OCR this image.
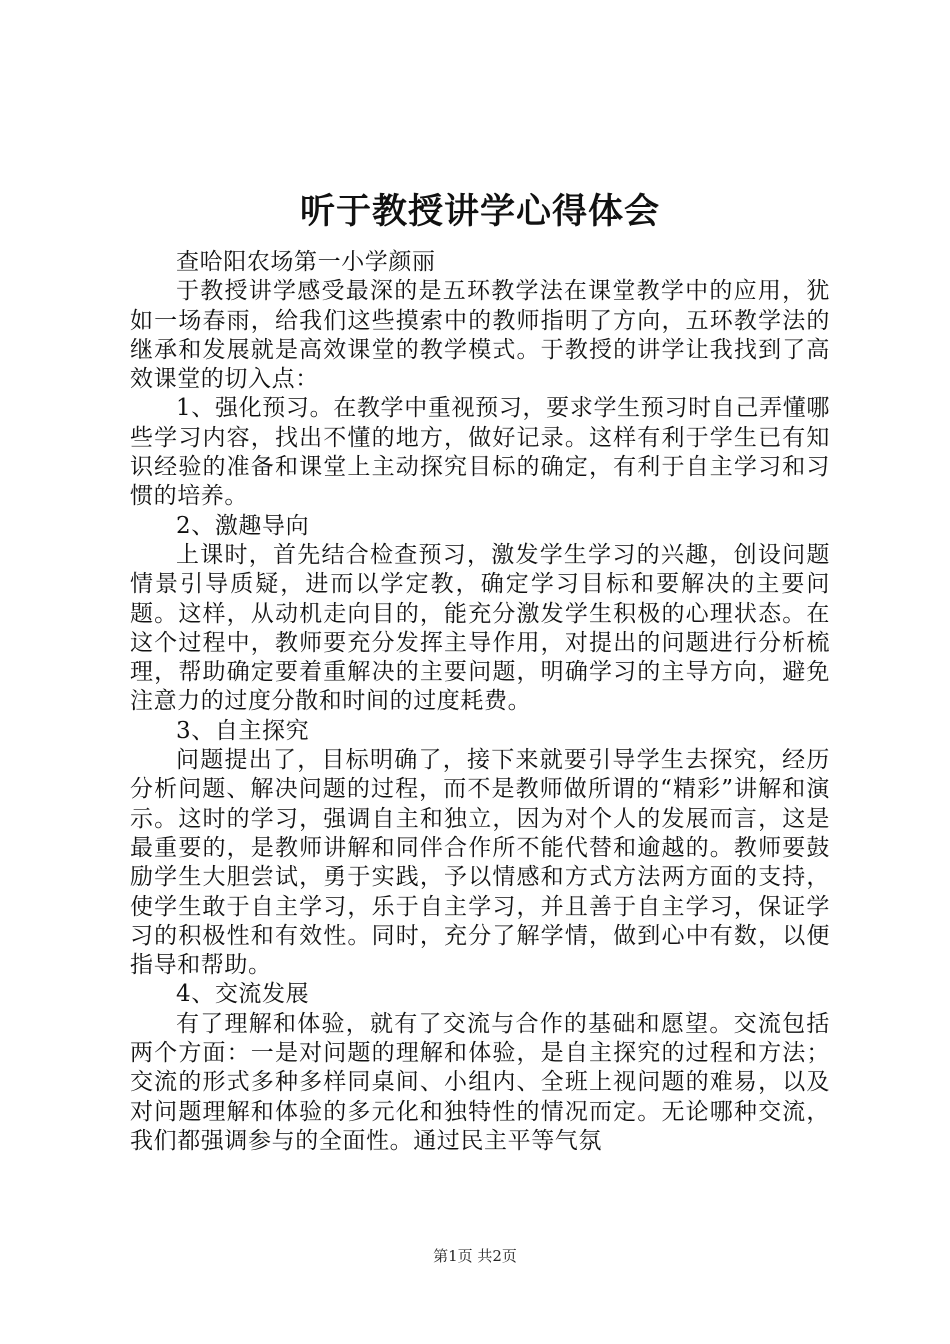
听于教授讲学心得体会

查哈阳农场第一小学颜丽

于教授讲学感受最深的是五环教学法在课堂教学中的应用，犹如一场春雨，给我们这些摸索中的教师指明了方向，五环教学法的继承和发展就是高效课堂的教学模式。于教授的讲学让我找到了高效课堂的切入点：

1、强化预习。在教学中重视预习，要求学生预习时自己弄懂哪些学习内容，找出不懂的地方，做好记录。这样有利于学生已有知识经验的准备和课堂上主动探究目标的确定，有利于自主学习和习惯的培养。

2、激趣导向

上课时，首先结合检查预习，激发学生学习的兴趣，创设问题情景引导质疑，进而以学定教，确定学习目标和要解决的主要问题。这样，从动机走向目的，能充分激发学生积极的心理状态。在这个过程中，教师要充分发挥主导作用，对提出的问题进行分析梳理，帮助确定要着重解决的主要问题，明确学习的主导方向，避免注意力的过度分散和时间的过度耗费。

3、自主探究

问题提出了，目标明确了，接下来就要引导学生去探究，经历分析问题、解决问题的过程，而不是教师做所谓的“精彩”讲解和演示。这时的学习，强调自主和独立，因为对个人的发展而言，这是最重要的，是教师讲解和同伴合作所不能代替和逾越的。教师要鼓励学生大胆尝试，勇于实践，予以情感和方式方法两方面的支持，使学生敢于自主学习，乐于自主学习，并且善于自主学习，保证学习的积极性和有效性。同时，充分了解学情，做到心中有数，以便指导和帮助。

4、交流发展

有了理解和体验，就有了交流与合作的基础和愿望。交流包括两个方面：一是对问题的理解和体验，是自主探究的过程和方法；交流的形式多种多样同桌间、小组内、全班上视问题的难易，以及对问题理解和体验的多元化和独特性的情况而定。无论哪种交流，我们都强调参与的全面性。通过民主平等气氛

第1页 共2页
